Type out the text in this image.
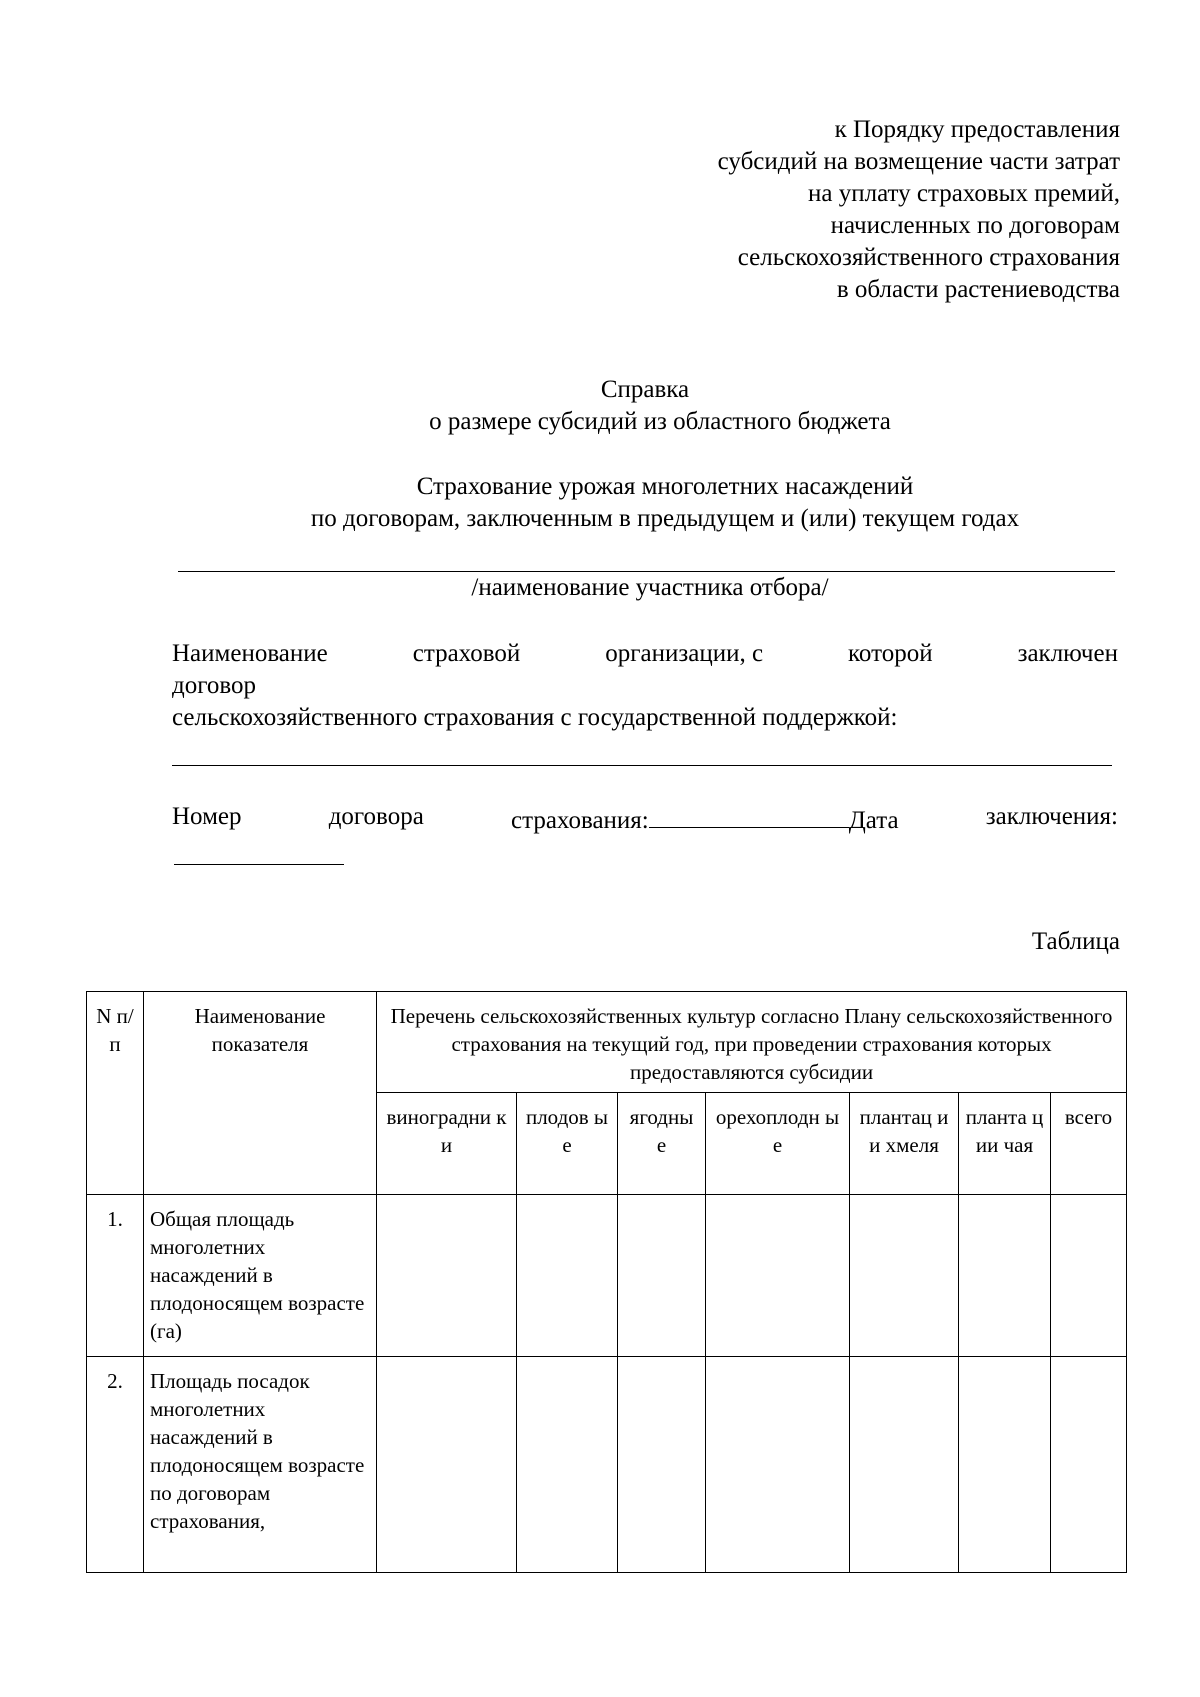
к Порядку предоставления
субсидий на возмещение части затрат
на уплату страховых премий,
начисленных по договорам
сельскохозяйственного страхования
в области растениеводства
Справка
о размере субсидий из областного бюджета
Страхование урожая многолетних насаждений
по договорам, заключенным в предыдущем и (или) текущем годах
/наименование участника отбора/
Наименование	страховой	организации, с	которой	заключен
договор
сельскохозяйственного страхования с государственной поддержкой:
Номер	договора	страхования:	Дата	заключения:
Таблица
N п/п	Наименование показателя	Перечень сельскохозяйственных культур согласно Плану сельскохозяйственного страхования на текущий год, при проведении страхования которых предоставляются субсидии						
		виноградни ки	плодов ые	ягодны е	орехоплодн ые	плантац ии хмеля	планта ции чая	всего
1.	Общая площадь многолетних насаждений в плодоносящем возрасте (га)							
2.	Площадь посадок многолетних насаждений в плодоносящем возрасте по договорам страхования,							
